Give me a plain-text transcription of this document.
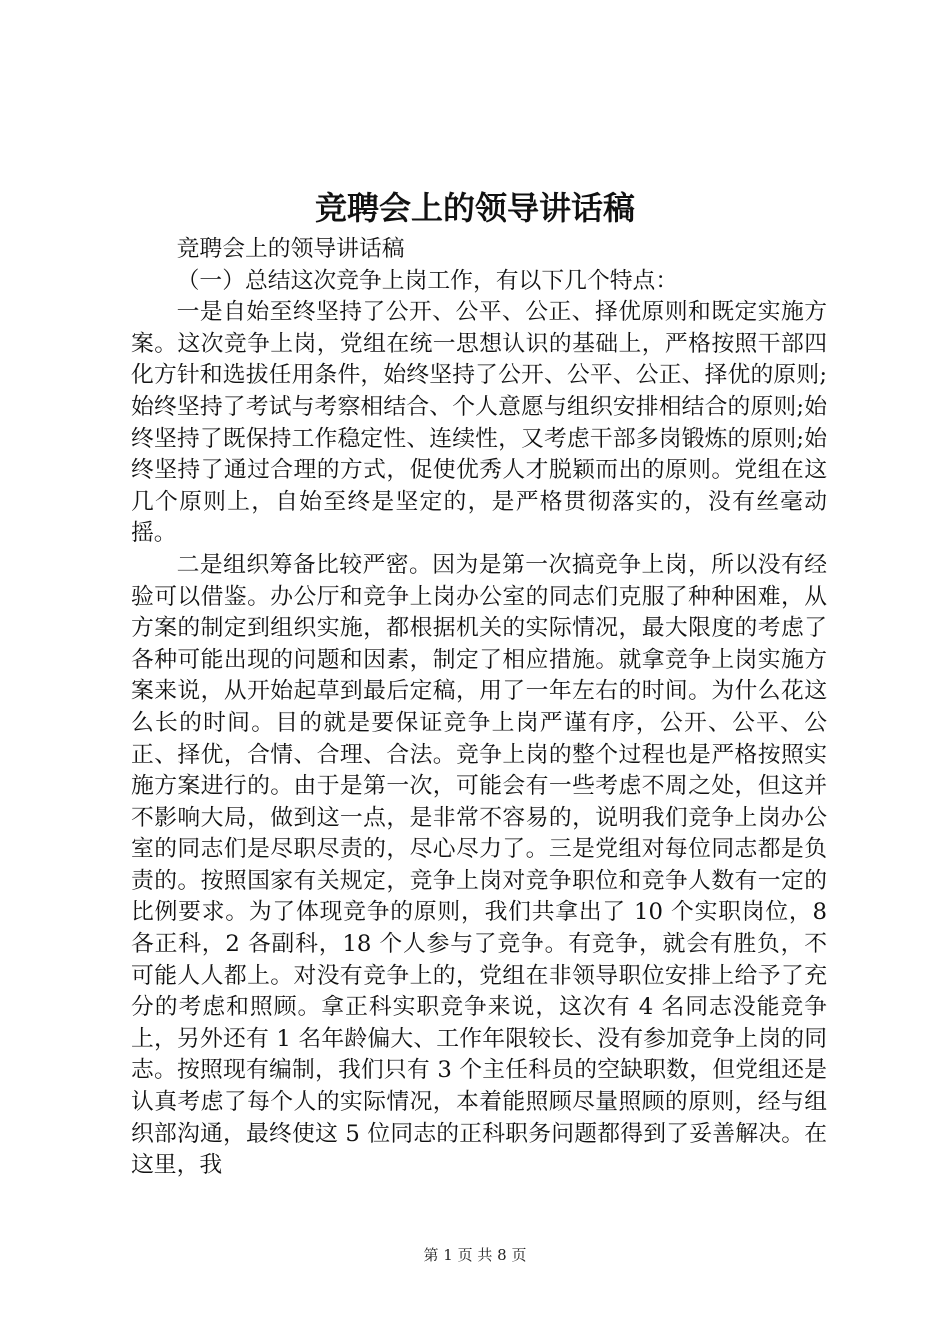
竞聘会上的领导讲话稿

竞聘会上的领导讲话稿

（一）总结这次竞争上岗工作，有以下几个特点：

一是自始至终坚持了公开、公平、公正、择优原则和既定实施方案。这次竞争上岗，党组在统一思想认识的基础上，严格按照干部四化方针和选拔任用条件，始终坚持了公开、公平、公正、择优的原则;始终坚持了考试与考察相结合、个人意愿与组织安排相结合的原则;始终坚持了既保持工作稳定性、连续性，又考虑干部多岗锻炼的原则;始终坚持了通过合理的方式，促使优秀人才脱颖而出的原则。党组在这几个原则上，自始至终是坚定的，是严格贯彻落实的，没有丝毫动摇。

二是组织筹备比较严密。因为是第一次搞竞争上岗，所以没有经验可以借鉴。办公厅和竞争上岗办公室的同志们克服了种种困难，从方案的制定到组织实施，都根据机关的实际情况，最大限度的考虑了各种可能出现的问题和因素，制定了相应措施。就拿竞争上岗实施方案来说，从开始起草到最后定稿，用了一年左右的时间。为什么花这么长的时间。目的就是要保证竞争上岗严谨有序，公开、公平、公正、择优，合情、合理、合法。竞争上岗的整个过程也是严格按照实施方案进行的。由于是第一次，可能会有一些考虑不周之处，但这并不影响大局，做到这一点，是非常不容易的，说明我们竞争上岗办公室的同志们是尽职尽责的，尽心尽力了。三是党组对每位同志都是负责的。按照国家有关规定，竞争上岗对竞争职位和竞争人数有一定的比例要求。为了体现竞争的原则，我们共拿出了 10 个实职岗位，8 各正科，2 各副科，18 个人参与了竞争。有竞争，就会有胜负，不可能人人都上。对没有竞争上的，党组在非领导职位安排上给予了充分的考虑和照顾。拿正科实职竞争来说，这次有 4 名同志没能竞争上，另外还有 1 名年龄偏大、工作年限较长、没有参加竞争上岗的同志。按照现有编制，我们只有 3 个主任科员的空缺职数，但党组还是认真考虑了每个人的实际情况，本着能照顾尽量照顾的原则，经与组织部沟通，最终使这 5 位同志的正科职务问题都得到了妥善解决。在这里，我

第 1 页 共 8 页
